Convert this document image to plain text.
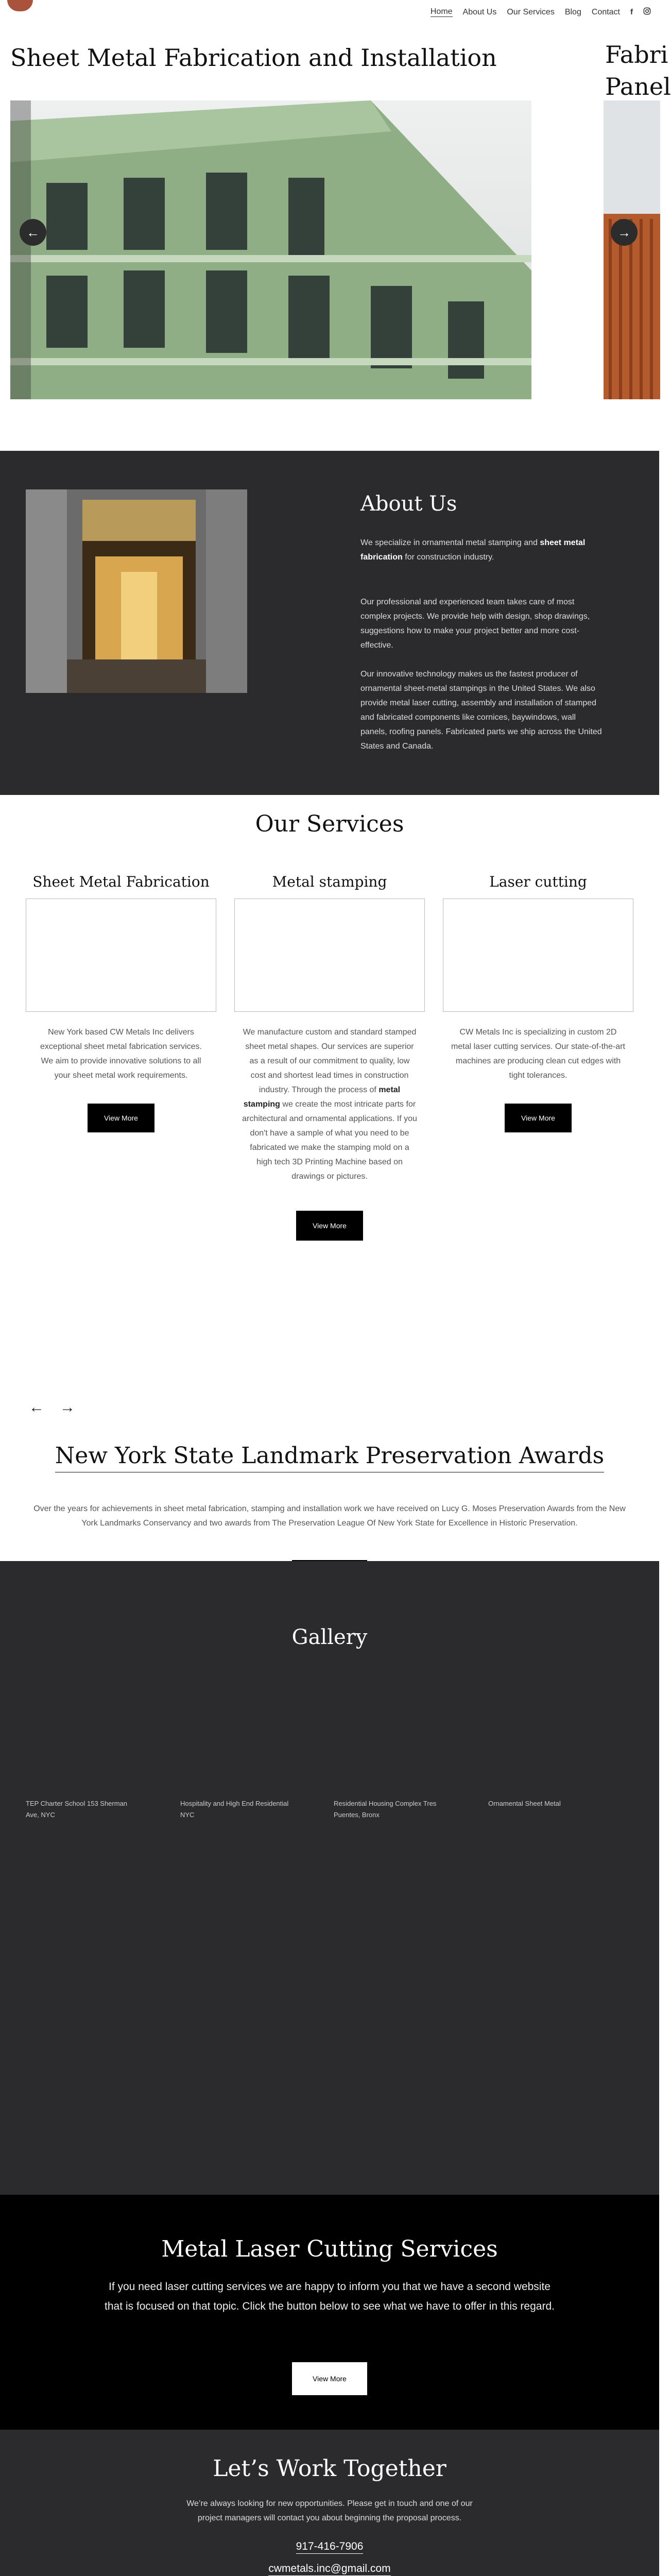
Home About Us Our Services Blog Contact f
Sheet Metal Fabrication and Installation	Fabri
Panel
←	→
About Us

We specialize in ornamental metal stamping and sheet metal fabrication for construction industry.

Our professional and experienced team takes care of most complex projects. We provide help with design, shop drawings, suggestions how to make your project better and more cost-effective.

Our innovative technology makes us the fastest producer of ornamental sheet-metal stampings in the United States. We also provide metal laser cutting, assembly and installation of stamped and fabricated components like cornices, baywindows, wall panels, roofing panels. Fabricated parts we ship across the United States and Canada.

Our Services
Sheet Metal Fabrication

New York based CW Metals Inc delivers exceptional sheet metal fabrication services. We aim to provide innovative solutions to all your sheet metal work requirements.

View More
Metal stamping

We manufacture custom and standard stamped sheet metal shapes. Our services are superior as a result of our commitment to quality, low cost and shortest lead times in construction industry. Through the process of metal stamping we create the most intricate parts for architectural and ornamental applications. If you don't have a sample of what you need to be fabricated we make the stamping mold on a high tech 3D Printing Machine based on drawings or pictures.

Laser cutting

CW Metals Inc is specializing in custom 2D metal laser cutting services. Our state-of-the-art machines are producing clean cut edges with tight tolerances.

View More
View More
←→
New York State Landmark Preservation Awards
Over the years for achievements in sheet metal fabrication, stamping and installation work we have received on Lucy G. Moses Preservation Awards from the New York Landmarks Conservancy and two awards from The Preservation League Of New York State for Excellence in Historic Preservation.
Gallery
TEP Charter School 153 Sherman Ave, NYC
Hospitality and High End Residential NYC
Residential Housing Complex Tres Puentes, Bronx
Ornamental Sheet Metal
Metal Laser Cutting Services

If you need laser cutting services we are happy to inform you that we have a second website that is focused on that topic. Click the button below to see what we have to offer in this regard.

View More
Let’s Work Together

We’re always looking for new opportunities. Please get in touch and one of our project managers will contact you about beginning the proposal process.

917-416-7906
cwmetals.inc@gmail.com
